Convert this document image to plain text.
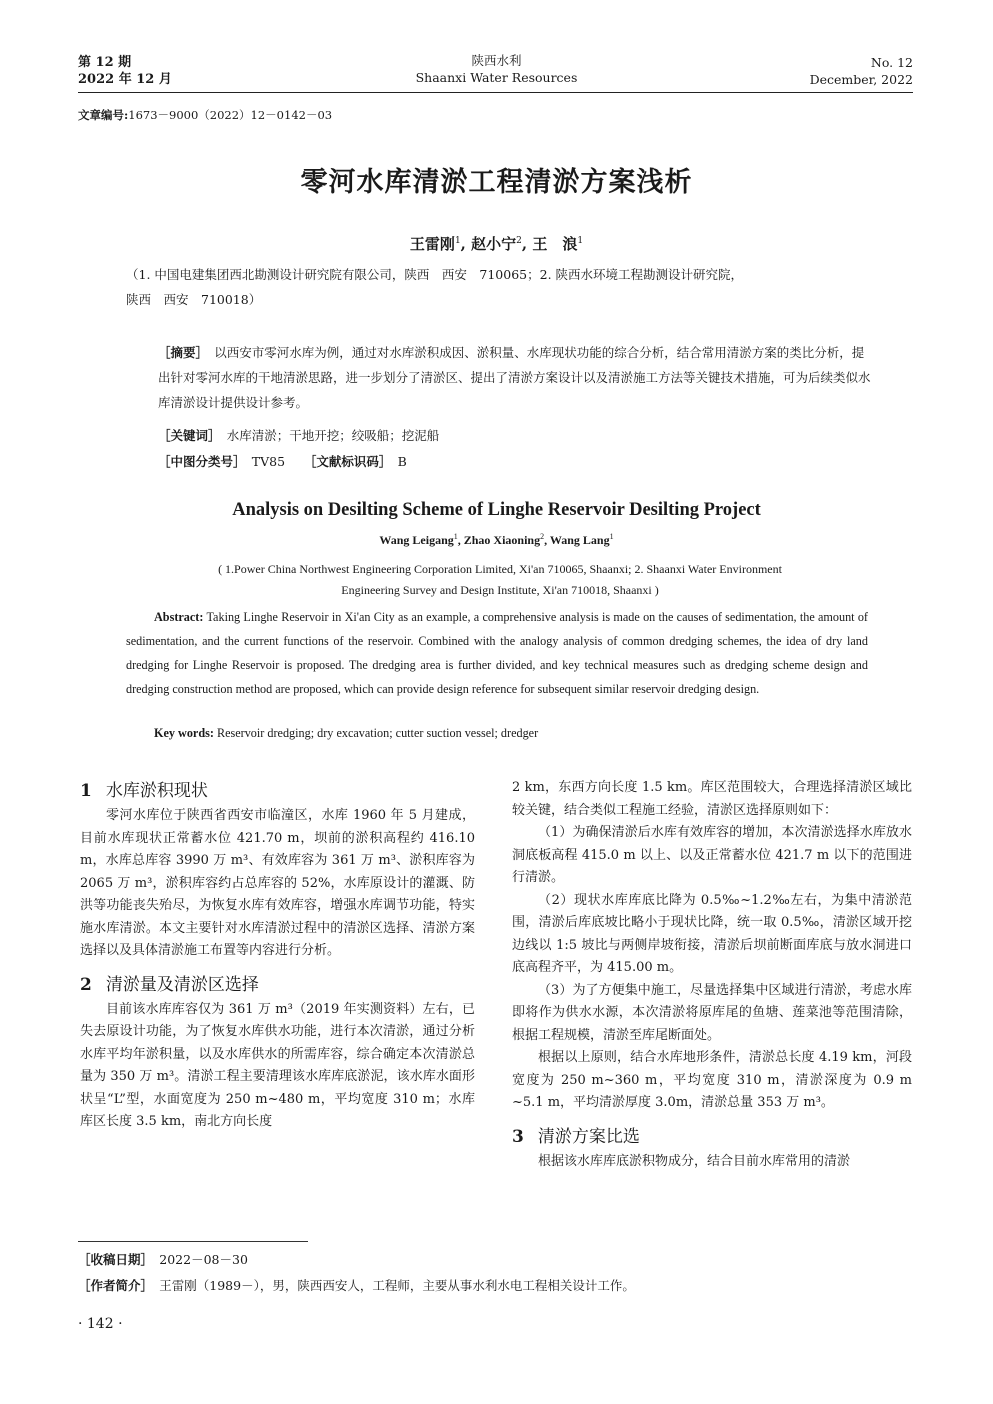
第 12 期
2022 年 12 月
陕西水利
Shaanxi Water Resources
No. 12
December, 2022
文章编号:1673－9000（2022）12－0142－03
零河水库清淤工程清淤方案浅析
王雷刚$^1$, 赵小宁$^2$, 王　浪$^1$
（1. 中国电建集团西北勘测设计研究院有限公司，陕西　西安　710065；2. 陕西水环境工程勘测设计研究院，
陕西　西安　710018）
［摘要］　 以西安市零河水库为例，通过对水库淤积成因、淤积量、水库现状功能的综合分析，结合常用清淤方案的类比分析，提出针对零河水库的干地清淤思路，进一步划分了清淤区、提出了清淤方案设计以及清淤施工方法等关键技术措施，可为后续类似水库清淤设计提供设计参考。
［关键词］　 水库清淤；干地开挖；绞吸船；挖泥船
［中图分类号］　 TV85　　 ［文献标识码］　 B
Analysis on Desilting Scheme of Linghe Reservoir Desilting Project
Wang Leigang$^1$, Zhao Xiaoning$^2$, Wang Lang$^1$
( 1.Power China Northwest Engineering Corporation Limited, Xi'an 710065, Shaanxi; 2. Shaanxi Water Environment
Engineering Survey and Design Institute, Xi'an 710018, Shaanxi )
Abstract: Taking Linghe Reservoir in Xi'an City as an example, a comprehensive analysis is made on the causes of sedimentation, the amount of sedimentation, and the current functions of the reservoir. Combined with the analogy analysis of common dredging schemes, the idea of dry land dredging for Linghe Reservoir is proposed. The dredging area is further divided, and key technical measures such as dredging scheme design and dredging construction method are proposed, which can provide design reference for subsequent similar reservoir dredging design.
Key words: Reservoir dredging; dry excavation; cutter suction vessel; dredger
1 水库淤积现状

零河水库位于陕西省西安市临潼区，水库 1960 年 5 月建成，目前水库现状正常蓄水位 421.70 m，坝前的淤积高程约 416.10 m，水库总库容 3990 万 m³、有效库容为 361 万 m³、淤积库容为 2065 万 m³，淤积库容约占总库容的 52%，水库原设计的灌溉、防洪等功能丧失殆尽，为恢复水库有效库容，增强水库调节功能，特实施水库清淤。本文主要针对水库清淤过程中的清淤区选择、清淤方案选择以及具体清淤施工布置等内容进行分析。

2 清淤量及清淤区选择

目前该水库库容仅为 361 万 m³（2019 年实测资料）左右，已失去原设计功能，为了恢复水库供水功能，进行本次清淤，通过分析水库平均年淤积量，以及水库供水的所需库容，综合确定本次清淤总量为 350 万 m³。清淤工程主要清理该水库库底淤泥，该水库水面形状呈“L”型，水面宽度为 250 m~480 m，平均宽度 310 m；水库库区长度 3.5 km，南北方向长度

2 km，东西方向长度 1.5 km。库区范围较大，合理选择清淤区域比较关键，结合类似工程施工经验，清淤区选择原则如下：

（1）为确保清淤后水库有效库容的增加，本次清淤选择水库放水洞底板高程 415.0 m 以上、以及正常蓄水位 421.7 m 以下的范围进行清淤。

（2）现状水库库底比降为 0.5‰~1.2‰左右，为集中清淤范围，清淤后库底坡比略小于现状比降，统一取 0.5‰，清淤区域开挖边线以 1:5 坡比与两侧岸坡衔接，清淤后坝前断面库底与放水洞进口底高程齐平，为 415.00 m。

（3）为了方便集中施工，尽量选择集中区域进行清淤，考虑水库即将作为供水水源，本次清淤将原库尾的鱼塘、莲菜池等范围清除，根据工程规模，清淤至库尾断面处。

根据以上原则，结合水库地形条件，清淤总长度 4.19 km，河段宽度为 250 m~360 m，平均宽度 310 m，清淤深度为 0.9 m ~5.1 m，平均清淤厚度 3.0m，清淤总量 353 万 m³。

3 清淤方案比选

根据该水库库底淤积物成分，结合目前水库常用的清淤

［收稿日期］　 2022－08－30
［作者简介］　 王雷刚（1989－），男，陕西西安人，工程师，主要从事水利水电工程相关设计工作。
· 142 ·
